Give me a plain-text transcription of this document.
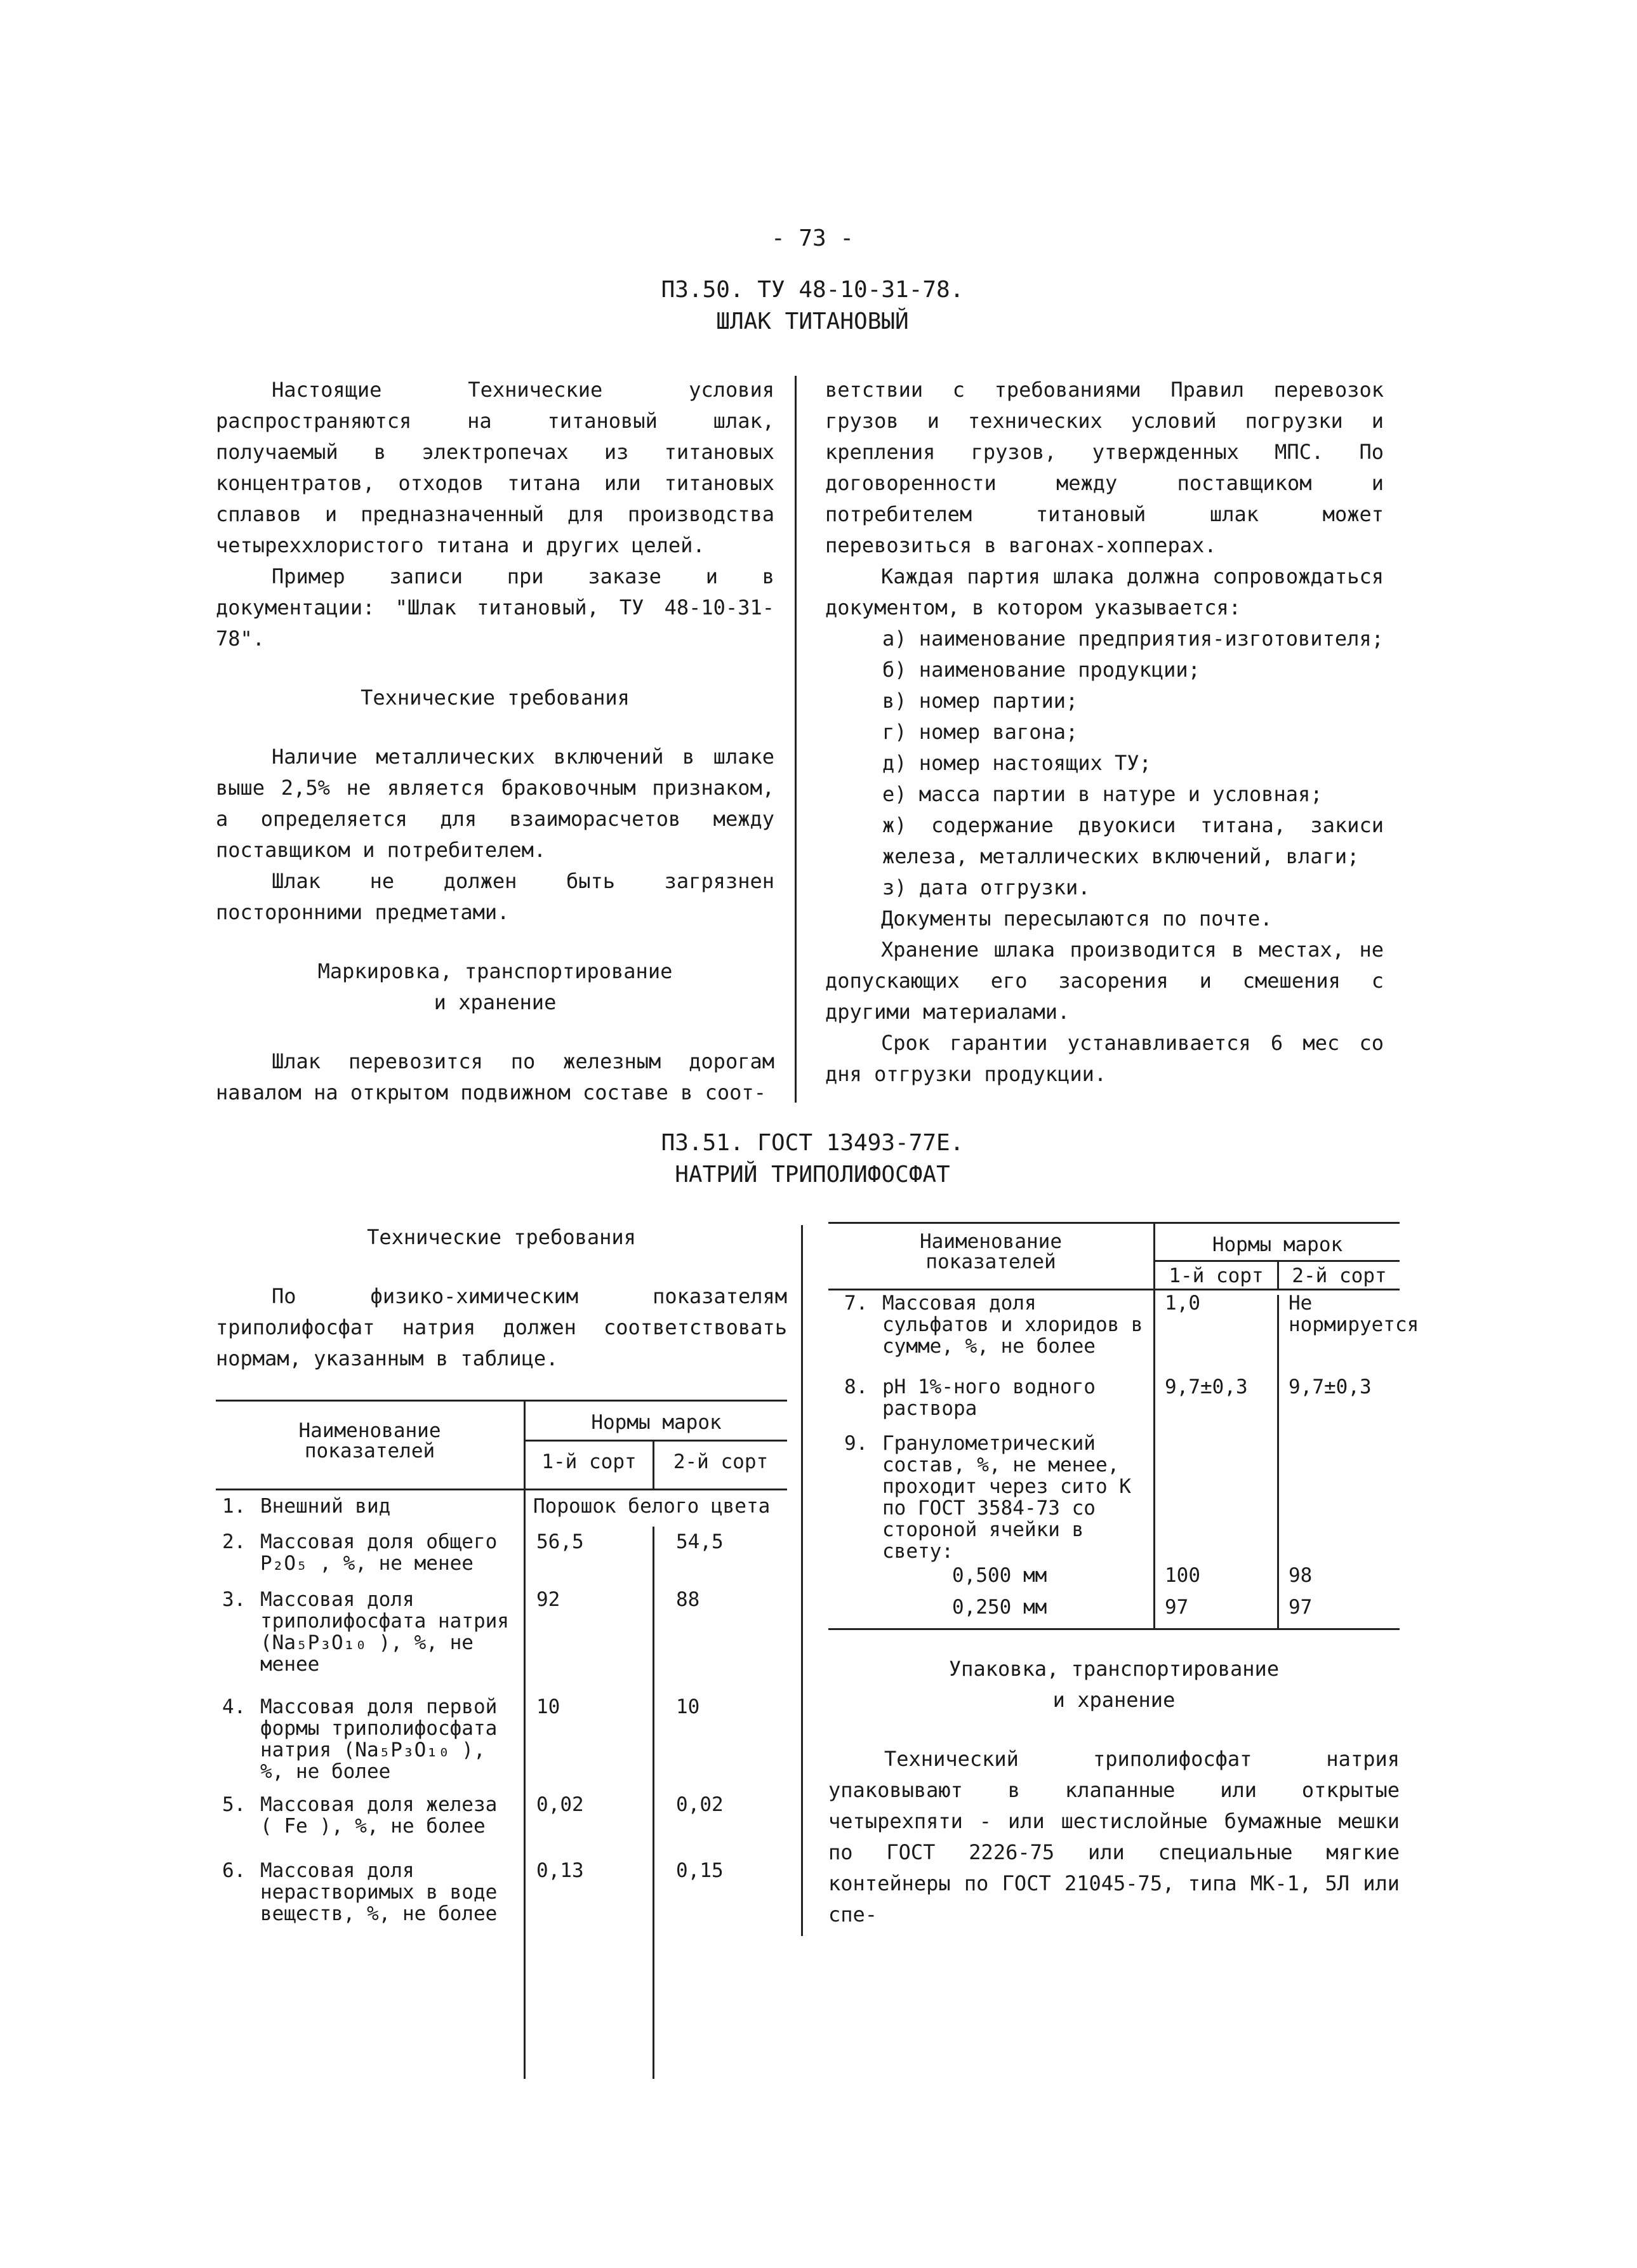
- 73 -
П3.50. ТУ 48-10-31-78.
ШЛАК ТИТАНОВЫЙ

Настоящие Технические условия распространяются на титановый шлак, получаемый в электропечах из титановых концентратов, отходов титана или титановых сплавов и предназначенный для производства четыреххлористого титана и других целей.

Пример записи при заказе и в документации: "Шлак титановый, ТУ 48-10-31-78".

Технические требования

Наличие металлических включений в шлаке выше 2,5% не является браковочным признаком, а определяется для взаиморасчетов между поставщиком и потребителем.

Шлак не должен быть загрязнен посторонними предметами.

Маркировка, транспортирование

и хранение

Шлак перевозится по железным дорогам навалом на открытом подвижном составе в соот-

ветствии с требованиями Правил перевозок грузов и технических условий погрузки и крепления грузов, утвержденных МПС. По договоренности между поставщиком и потребителем титановый шлак может перевозиться в вагонах-хопперах.

Каждая партия шлака должна сопровождаться документом, в котором указывается:

а) наименование предприятия-изготовителя;

б) наименование продукции;

в) номер партии;

г) номер вагона;

д) номер настоящих ТУ;

е) масса партии в натуре и условная;

ж) содержание двуокиси титана, закиси железа, металлических включений, влаги;

з) дата отгрузки.

Документы пересылаются по почте.

Хранение шлака производится в местах, не допускающих его засорения и смешения с другими материалами.

Срок гарантии устанавливается 6 мес со дня отгрузки продукции.

П3.51. ГОСТ 13493-77Е.
НАТРИЙ ТРИПОЛИФОСФАТ

Технические требования

По физико-химическим показателям триполифосфат натрия должен соответствовать нормам, указанным в таблице.

Наименование
показателей
Нормы марок
1-й сорт	2-й сорт
1. Внешний вид	Порошок белого цвета
2. Массовая доля общего P₂O₅ , %, не менее
56,5	54,5
3. Массовая доля триполифосфата натрия (Na₅P₃O₁₀ ), %, не менее
92	88
4. Массовая доля первой формы триполифосфата натрия (Na₅P₃O₁₀ ), %, не более
10	10
5. Массовая доля железа ( Fe ), %, не более
0,02	0,02
6. Массовая доля нерастворимых в воде веществ, %, не более
0,13	0,15
Наименование
показателей
Нормы марок
1-й сорт	2-й сорт
7. Массовая доля сульфатов и хлоридов в сумме, %, не более
1,0	Не нормируется
8. pH 1%-ного водного раствора
9,7±0,3	9,7±0,3
9. Гранулометрический состав, %, не менее, проходит через сито К по ГОСТ 3584-73 со стороной ячейки в свету:
0,500 мм	100	98
0,250 мм	97	97

Упаковка, транспортирование

и хранение

Технический триполифосфат натрия упаковывают в клапанные или открытые четырехпяти - или шестислойные бумажные мешки по ГОСТ 2226-75 или специальные мягкие контейнеры по ГОСТ 21045-75, типа МК-1, 5Л или спе-
